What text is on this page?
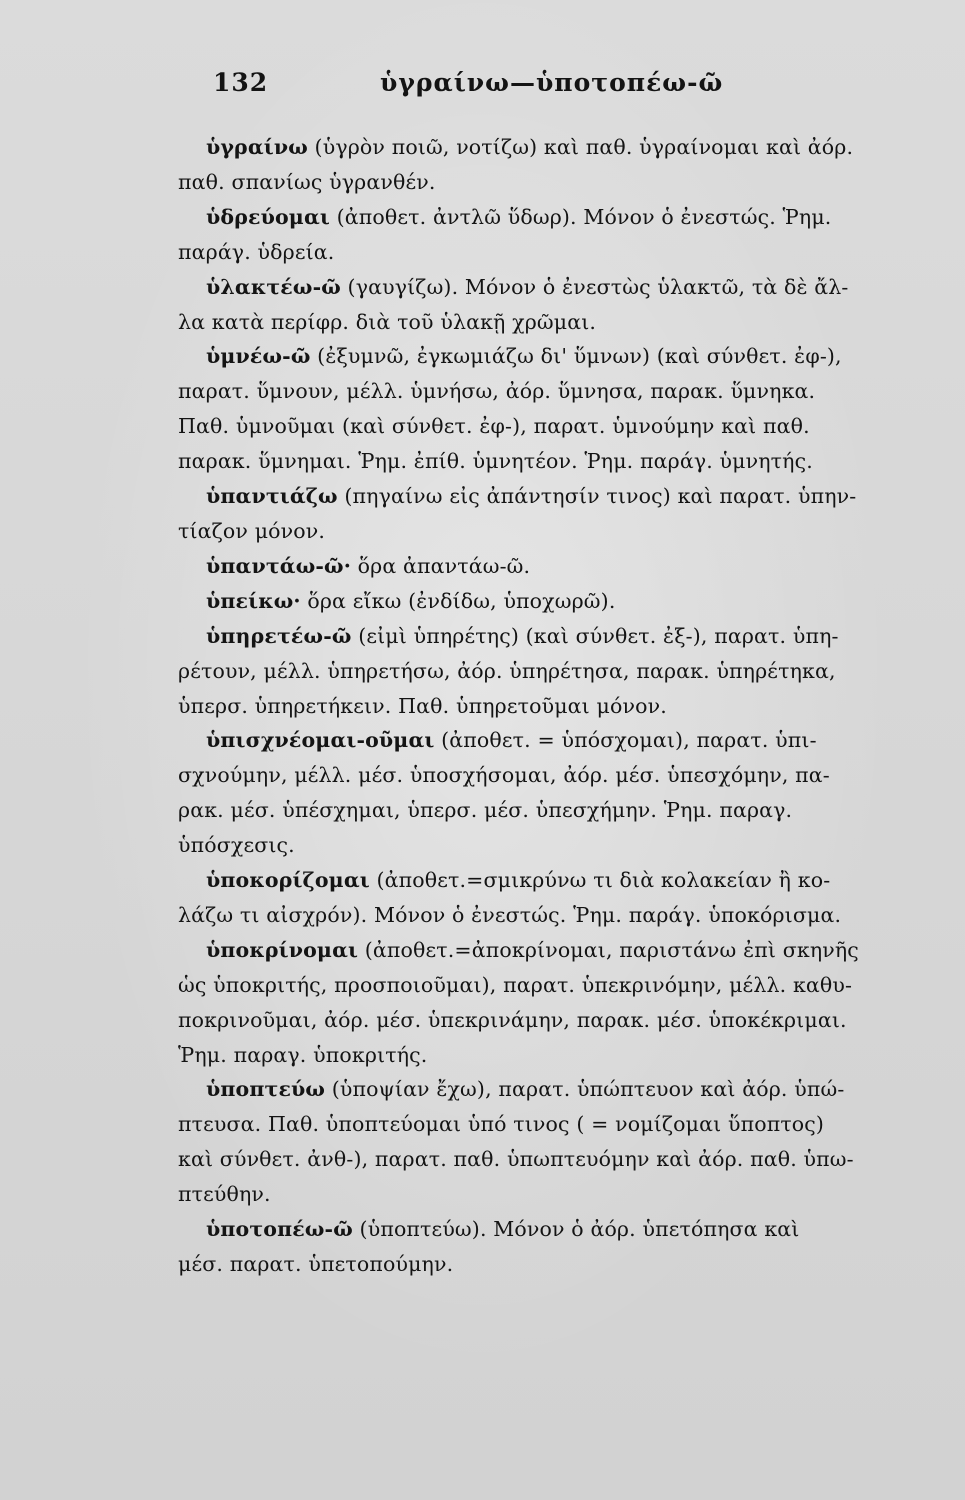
132	ὑγραίνω—ὑποτοπέω-ῶ
ὑγραίνω (ὑγρὸν ποιῶ, νοτίζω) καὶ παθ. ὑγραίνομαι καὶ ἀόρ.
παθ. σπανίως ὑγρανθέν.
ὑδρεύομαι (ἀποθετ. ἀντλῶ ὕδωρ). Μόνον ὁ ἐνεστώς. Ῥημ.
παράγ. ὑδρεία.
ὑλακτέω-ῶ (γαυγίζω). Μόνον ὁ ἐνεστὼς ὑλακτῶ, τὰ δὲ ἄλ-
λα κατὰ περίφρ. διὰ τοῦ ὑλακῇ χρῶμαι.
ὑμνέω-ῶ (ἐξυμνῶ, ἐγκωμιάζω δι' ὕμνων) (καὶ σύνθετ. ἐφ-),
παρατ. ὕμνουν, μέλλ. ὑμνήσω, ἀόρ. ὕμνησα, παρακ. ὕμνηκα.
Παθ. ὑμνοῦμαι (καὶ σύνθετ. ἐφ-), παρατ. ὑμνούμην καὶ παθ.
παρακ. ὕμνημαι. Ῥημ. ἐπίθ. ὑμνητέον. Ῥημ. παράγ. ὑμνητής.
ὑπαντιάζω (πηγαίνω εἰς ἀπάντησίν τινος) καὶ παρατ. ὑπην-
τίαζον μόνον.
ὑπαντάω-ῶ· ὅρα ἀπαντάω-ῶ.
ὑπείκω· ὅρα εἴκω (ἐνδίδω, ὑποχωρῶ).
ὑπηρετέω-ῶ (εἰμὶ ὑπηρέτης) (καὶ σύνθετ. ἐξ-), παρατ. ὑπη-
ρέτουν, μέλλ. ὑπηρετήσω, ἀόρ. ὑπηρέτησα, παρακ. ὑπηρέτηκα,
ὑπερσ. ὑπηρετήκειν. Παθ. ὑπηρετοῦμαι μόνον.
ὑπισχνέομαι-οῦμαι (ἀποθετ. = ὑπόσχομαι), παρατ. ὑπι-
σχνούμην, μέλλ. μέσ. ὑποσχήσομαι, ἀόρ. μέσ. ὑπεσχόμην, πα-
ρακ. μέσ. ὑπέσχημαι, ὑπερσ. μέσ. ὑπεσχήμην. Ῥημ. παραγ.
ὑπόσχεσις.
ὑποκορίζομαι (ἀποθετ.=σμικρύνω τι διὰ κολακείαν ἢ κο-
λάζω τι αἰσχρόν). Μόνον ὁ ἐνεστώς. Ῥημ. παράγ. ὑποκόρισμα.
ὑποκρίνομαι (ἀποθετ.=ἀποκρίνομαι, παριστάνω ἐπὶ σκηνῆς
ὡς ὑποκριτής, προσποιοῦμαι), παρατ. ὑπεκρινόμην, μέλλ. καθυ-
ποκρινοῦμαι, ἀόρ. μέσ. ὑπεκρινάμην, παρακ. μέσ. ὑποκέκριμαι.
Ῥημ. παραγ. ὑποκριτής.
ὑποπτεύω (ὑποψίαν ἔχω), παρατ. ὑπώπτευον καὶ ἀόρ. ὑπώ-
πτευσα. Παθ. ὑποπτεύομαι ὑπό τινος ( = νομίζομαι ὕποπτος)
καὶ σύνθετ. ἀνθ-), παρατ. παθ. ὑπωπτευόμην καὶ ἀόρ. παθ. ὑπω-
πτεύθην.
ὑποτοπέω-ῶ (ὑποπτεύω). Μόνον ὁ ἀόρ. ὑπετόπησα καὶ
μέσ. παρατ. ὑπετοπούμην.
